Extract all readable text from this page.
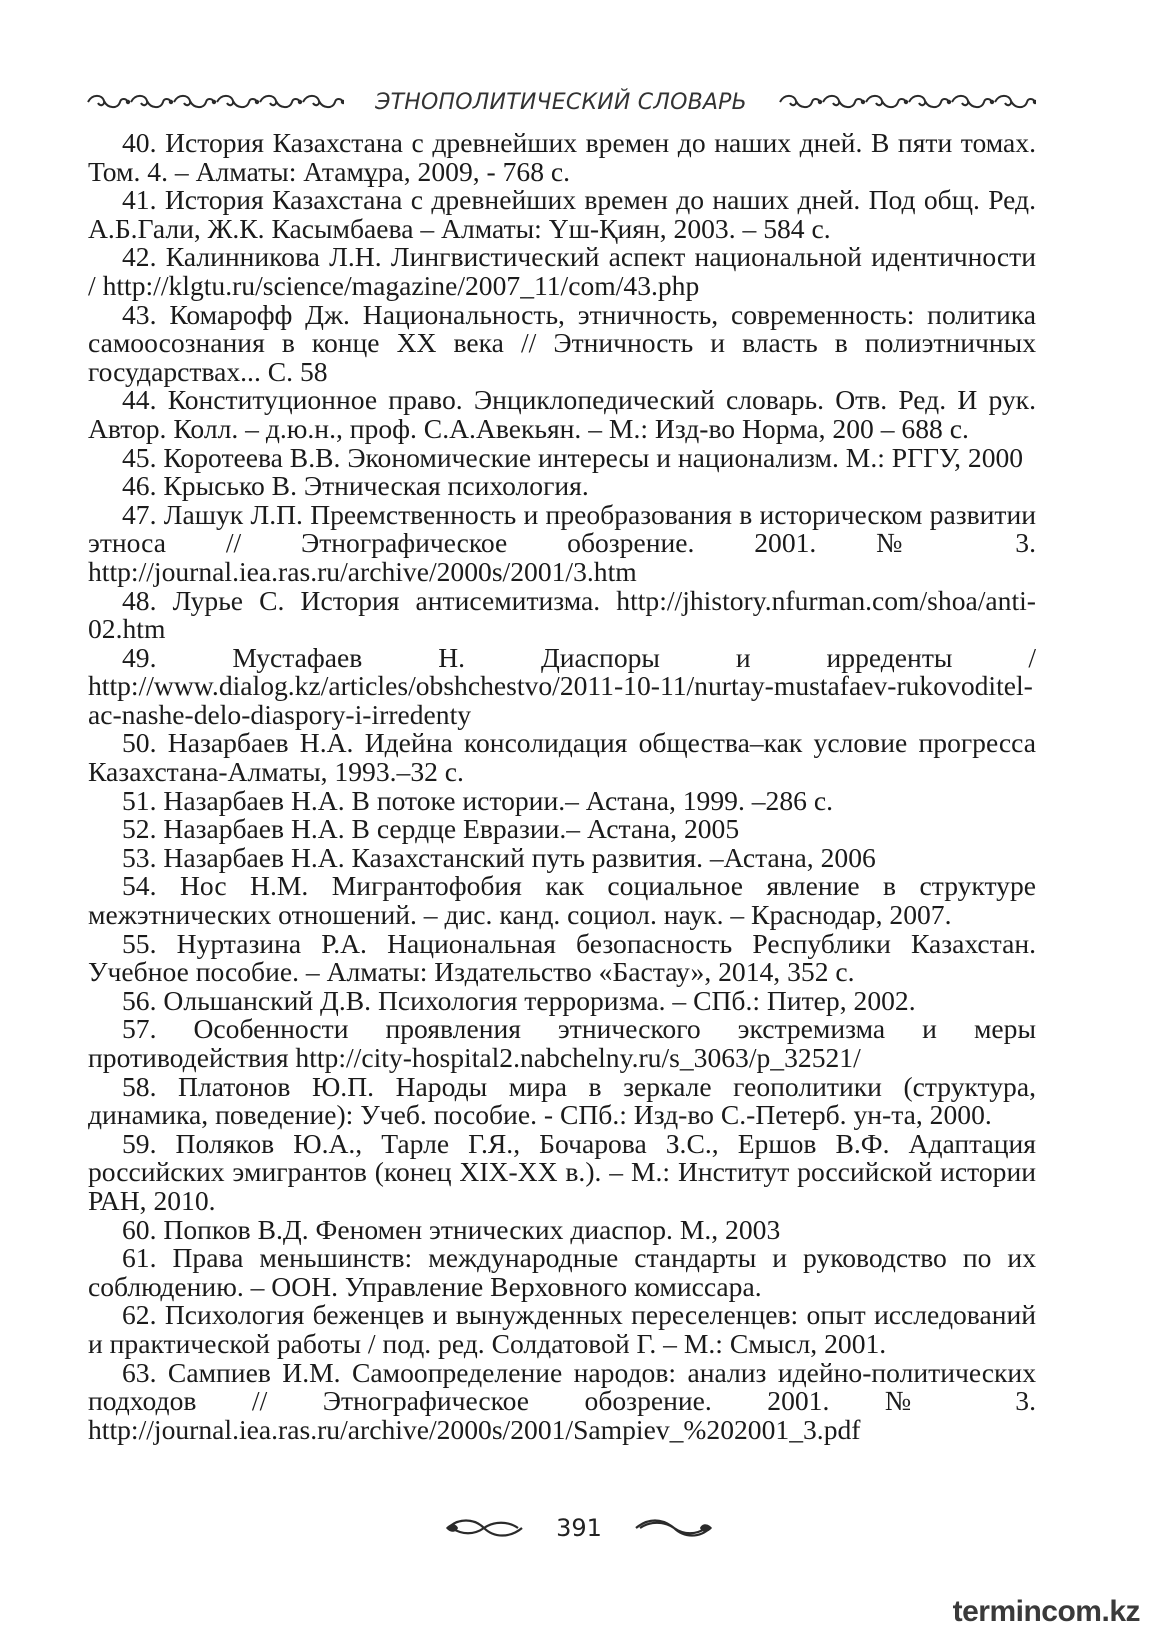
ЭТНОПОЛИТИЧЕСКИЙ СЛОВАРЬ

40. История Казахстана с древнейших времен до наших дней. В пяти томах. Том. 4. – Алматы: Атамұра, 2009, - 768 с.

41. История Казахстана с древнейших времен до наших дней. Под общ. Ред. А.Б.Гали, Ж.К. Касымбаева – Алматы: Үш-Қиян, 2003. – 584 с.

42. Калинникова Л.Н. Лингвистический аспект национальной идентичности / http://klgtu.ru/science/magazine/2007_11/com/43.php

43. Комарофф Дж. Национальность, этничность, современность: политика самоосознания в конце XX века // Этничность и власть в полиэтничных государствах... С. 58

44. Конституционное право. Энциклопедический словарь. Отв. Ред. И рук. Автор. Колл. – д.ю.н., проф. С.А.Авекьян. – М.: Изд-во Норма, 200 – 688 с.

45. Коротеева В.В. Экономические интересы и национализм. М.: РГГУ, 2000

46. Крысько В. Этническая психология.

47. Лашук Л.П. Преемственность и преобразования в историческом развитии этноса // Этнографическое обозрение. 2001. № 3. http://journal.iea.ras.ru/archive/2000s/2001/3.htm

48. Лурье С. История антисемитизма. http://jhistory.nfurman.com/shoa/anti-02.htm

49. Мустафаев Н. Диаспоры и ирреденты / http://www.dialog.kz/articles/obshchestvo/2011-10-11/nurtay-mustafaev-rukovoditel-ac-nashe-delo-diaspory-i-irredenty

50. Назарбаев Н.А. Идейна консолидация общества–как условие прогресса Казахстана-Алматы, 1993.–32 с.

51. Назарбаев Н.А. В потоке истории.– Астана, 1999. –286 с.

52. Назарбаев Н.А. В сердце Евразии.– Астана, 2005

53. Назарбаев Н.А. Казахстанский путь развития. –Астана, 2006

54. Нос Н.М. Мигрантофобия как социальное явление в структуре межэтнических отношений. – дис. канд. социол. наук. – Краснодар, 2007.

55. Нуртазина Р.А. Национальная безопасность Республики Казахстан. Учебное пособие. – Алматы: Издательство «Бастау», 2014, 352 с.

56. Ольшанский Д.В. Психология терроризма. – СПб.: Питер, 2002.

57. Особенности проявления этнического экстремизма и меры противодействия http://city-hospital2.nabchelny.ru/s_3063/p_32521/

58. Платонов Ю.П. Народы мира в зеркале геополитики (структура, динамика, поведение): Учеб. пособие. - СПб.: Изд-во С.-Петерб. ун-та, 2000.

59. Поляков Ю.А., Тарле Г.Я., Бочарова З.С., Ершов В.Ф. Адаптация российских эмигрантов (конец XIX-XX в.). – М.: Институт российской истории РАН, 2010.

60. Попков В.Д. Феномен этнических диаспор. М., 2003

61. Права меньшинств: международные стандарты и руководство по их соблюдению. – ООН. Управление Верховного комиссара.

62. Психология беженцев и вынужденных переселенцев: опыт исследований и практической работы / под. ред. Солдатовой Г. – М.: Смысл, 2001.

63. Сампиев И.М. Самоопределение народов: анализ идейно-политических подходов // Этнографическое обозрение. 2001. № 3. http://journal.iea.ras.ru/archive/2000s/2001/Sampiev_%202001_3.pdf

391
termincom.kz
